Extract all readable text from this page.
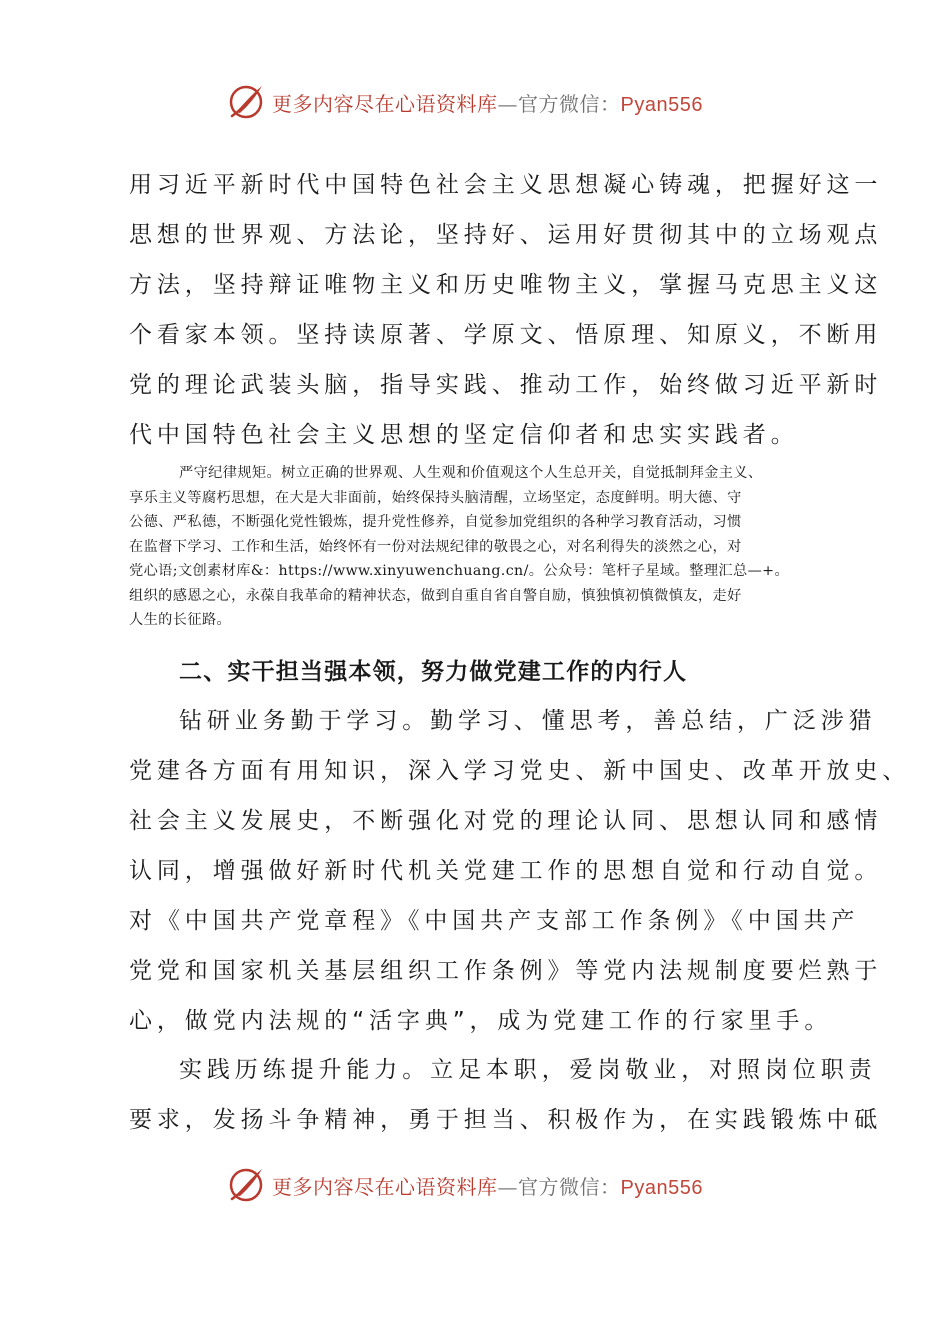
更多内容尽在心语资料库—官方微信：Pyan556

用习近平新时代中国特色社会主义思想凝心铸魂，把握好这一

思想的世界观、方法论，坚持好、运用好贯彻其中的立场观点

方法，坚持辩证唯物主义和历史唯物主义，掌握马克思主义这

个看家本领。坚持读原著、学原文、悟原理、知原义，不断用

党的理论武装头脑，指导实践、推动工作，始终做习近平新时

代中国特色社会主义思想的坚定信仰者和忠实实践者。

严守纪律规矩。树立正确的世界观、人生观和价值观这个人生总开关，自觉抵制拜金主义、

享乐主义等腐朽思想，在大是大非面前，始终保持头脑清醒，立场坚定，态度鲜明。明大德、守

公德、严私德，不断强化党性锻炼，提升党性修养，自觉参加党组织的各种学习教育活动，习惯

在监督下学习、工作和生活，始终怀有一份对法规纪律的敬畏之心，对名利得失的淡然之心，对

党心语;文创素材库&：https://www.xinyuwenchuang.cn/。公众号：笔杆子星域。整理汇总—+。

组织的感恩之心，永葆自我革命的精神状态，做到自重自省自警自励，慎独慎初慎微慎友，走好

人生的长征路。

二、实干担当强本领，努力做党建工作的内行人

钻研业务勤于学习。勤学习、懂思考，善总结，广泛涉猎

党建各方面有用知识，深入学习党史、新中国史、改革开放史、

社会主义发展史，不断强化对党的理论认同、思想认同和感情

认同，增强做好新时代机关党建工作的思想自觉和行动自觉。

对《中国共产党章程》《中国共产支部工作条例》《中国共产

党党和国家机关基层组织工作条例》等党内法规制度要烂熟于

心，做党内法规的“活字典”，成为党建工作的行家里手。

实践历练提升能力。立足本职，爱岗敬业，对照岗位职责

要求，发扬斗争精神，勇于担当、积极作为，在实践锻炼中砥

更多内容尽在心语资料库—官方微信：Pyan556
